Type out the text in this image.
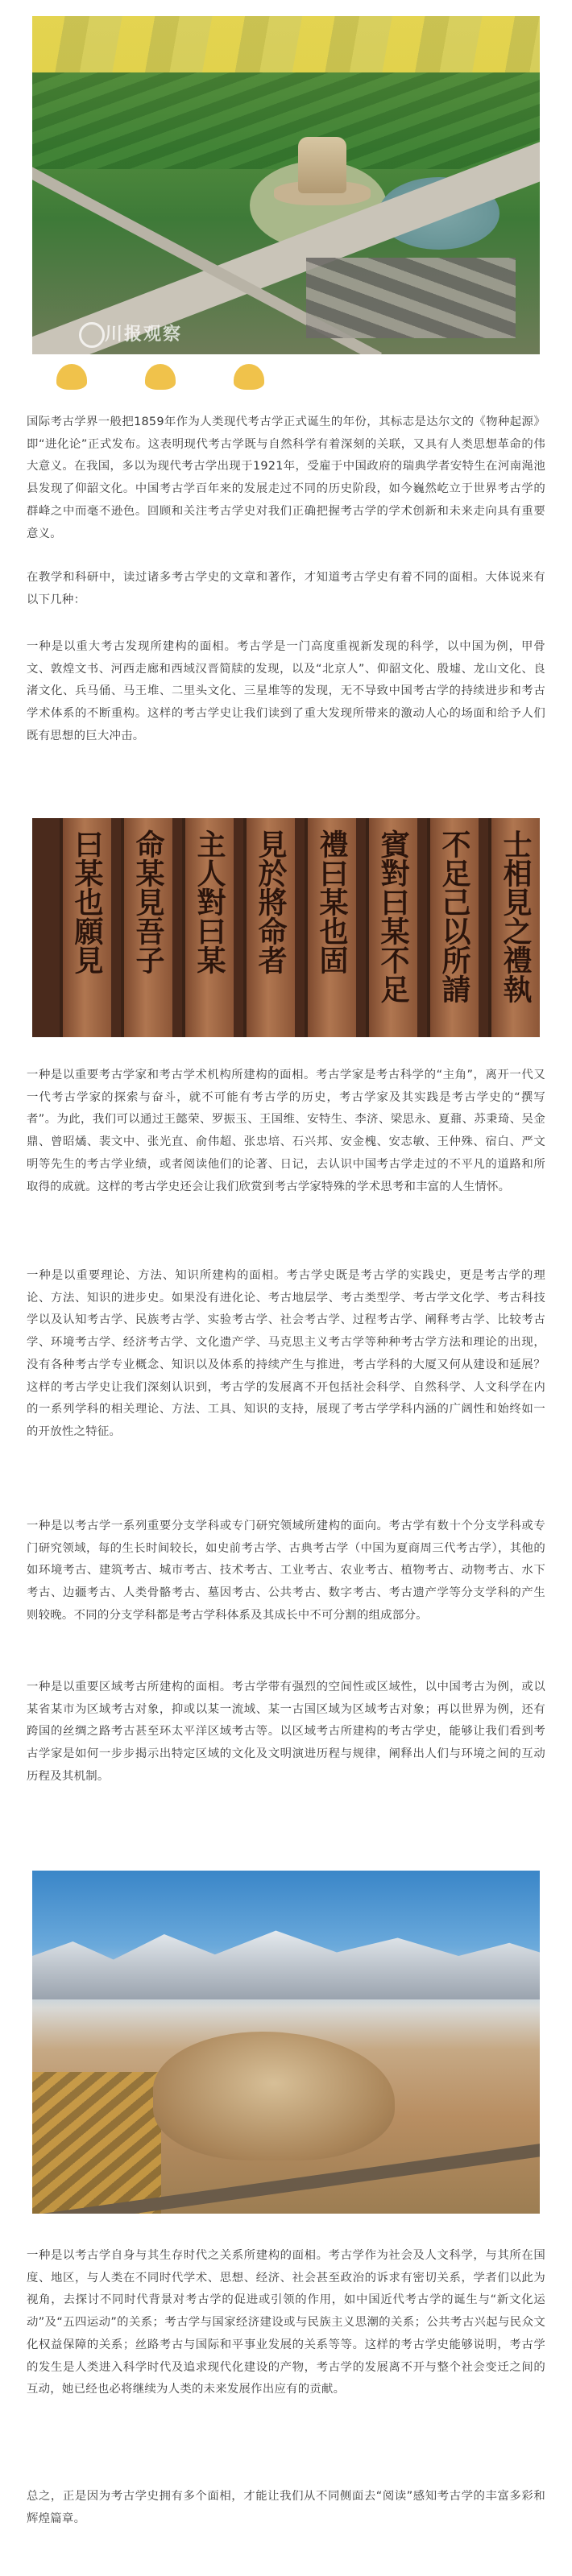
川报观察

国际考古学界一般把1859年作为人类现代考古学正式诞生的年份，其标志是达尔文的《物种起源》即“进化论”正式发布。这表明现代考古学既与自然科学有着深刻的关联，又具有人类思想革命的伟大意义。在我国，多以为现代考古学出现于1921年，受雇于中国政府的瑞典学者安特生在河南渑池县发现了仰韶文化。中国考古学百年来的发展走过不同的历史阶段，如今巍然屹立于世界考古学的群峰之中而毫不逊色。回顾和关注考古学史对我们正确把握考古学的学术创新和未来走向具有重要意义。

在教学和科研中，读过诸多考古学史的文章和著作，才知道考古学史有着不同的面相。大体说来有以下几种：

一种是以重大考古发现所建构的面相。考古学是一门高度重视新发现的科学，以中国为例，甲骨文、敦煌文书、河西走廊和西域汉晋简牍的发现，以及“北京人”、仰韶文化、殷墟、龙山文化、良渚文化、兵马俑、马王堆、二里头文化、三星堆等的发现，无不导致中国考古学的持续进步和考古学术体系的不断重构。这样的考古学史让我们读到了重大发现所带来的激动人心的场面和给予人们既有思想的巨大冲击。

士相見之禮執
不足己以所請
賓對曰某不足
禮曰某也固
見於將命者
主人對曰某
命某見吾子
曰某也願見

一种是以重要考古学家和考古学术机构所建构的面相。考古学家是考古科学的“主角”，离开一代又一代考古学家的探索与奋斗，就不可能有考古学的历史，考古学家及其实践是考古学史的“撰写者”。为此，我们可以通过王懿荣、罗振玉、王国维、安特生、李济、梁思永、夏鼐、苏秉琦、吴金鼎、曾昭燏、裴文中、张光直、俞伟超、张忠培、石兴邦、安金槐、安志敏、王仲殊、宿白、严文明等先生的考古学业绩，或者阅读他们的论著、日记，去认识中国考古学走过的不平凡的道路和所取得的成就。这样的考古学史还会让我们欣赏到考古学家特殊的学术思考和丰富的人生情怀。

一种是以重要理论、方法、知识所建构的面相。考古学史既是考古学的实践史，更是考古学的理论、方法、知识的进步史。如果没有进化论、考古地层学、考古类型学、考古学文化学、考古科技学以及认知考古学、民族考古学、实验考古学、社会考古学、过程考古学、阐释考古学、比较考古学、环境考古学、经济考古学、文化遗产学、马克思主义考古学等种种考古学方法和理论的出现，没有各种考古学专业概念、知识以及体系的持续产生与推进，考古学科的大厦又何从建设和延展？这样的考古学史让我们深刻认识到，考古学的发展离不开包括社会科学、自然科学、人文科学在内的一系列学科的相关理论、方法、工具、知识的支持，展现了考古学学科内涵的广阔性和始终如一的开放性之特征。

一种是以考古学一系列重要分支学科或专门研究领域所建构的面向。考古学有数十个分支学科或专门研究领域，每的生长时间较长，如史前考古学、古典考古学（中国为夏商周三代考古学），其他的如环境考古、建筑考古、城市考古、技术考古、工业考古、农业考古、植物考古、动物考古、水下考古、边疆考古、人类骨骼考古、墓因考古、公共考古、数字考古、考古遗产学等分支学科的产生则较晚。不同的分支学科都是考古学科体系及其成长中不可分割的组成部分。

一种是以重要区域考古所建构的面相。考古学带有强烈的空间性或区域性，以中国考古为例，或以某省某市为区域考古对象，抑或以某一流域、某一古国区域为区域考古对象；再以世界为例，还有跨国的丝绸之路考古甚至环太平洋区域考古等。以区域考古所建构的考古学史，能够让我们看到考古学家是如何一步步揭示出特定区域的文化及文明演进历程与规律，阐释出人们与环境之间的互动历程及其机制。

一种是以考古学自身与其生存时代之关系所建构的面相。考古学作为社会及人文科学，与其所在国度、地区，与人类在不同时代学术、思想、经济、社会甚至政治的诉求有密切关系，学者们以此为视角，去探讨不同时代背景对考古学的促进或引领的作用，如中国近代考古学的诞生与“新文化运动”及“五四运动”的关系；考古学与国家经济建设或与民族主义思潮的关系；公共考古兴起与民众文化权益保障的关系；丝路考古与国际和平事业发展的关系等等。这样的考古学史能够说明，考古学的发生是人类进入科学时代及追求现代化建设的产物，考古学的发展离不开与整个社会变迁之间的互动，她已经也必将继续为人类的未来发展作出应有的贡献。

总之，正是因为考古学史拥有多个面相，才能让我们从不同侧面去“阅读”感知考古学的丰富多彩和辉煌篇章。
